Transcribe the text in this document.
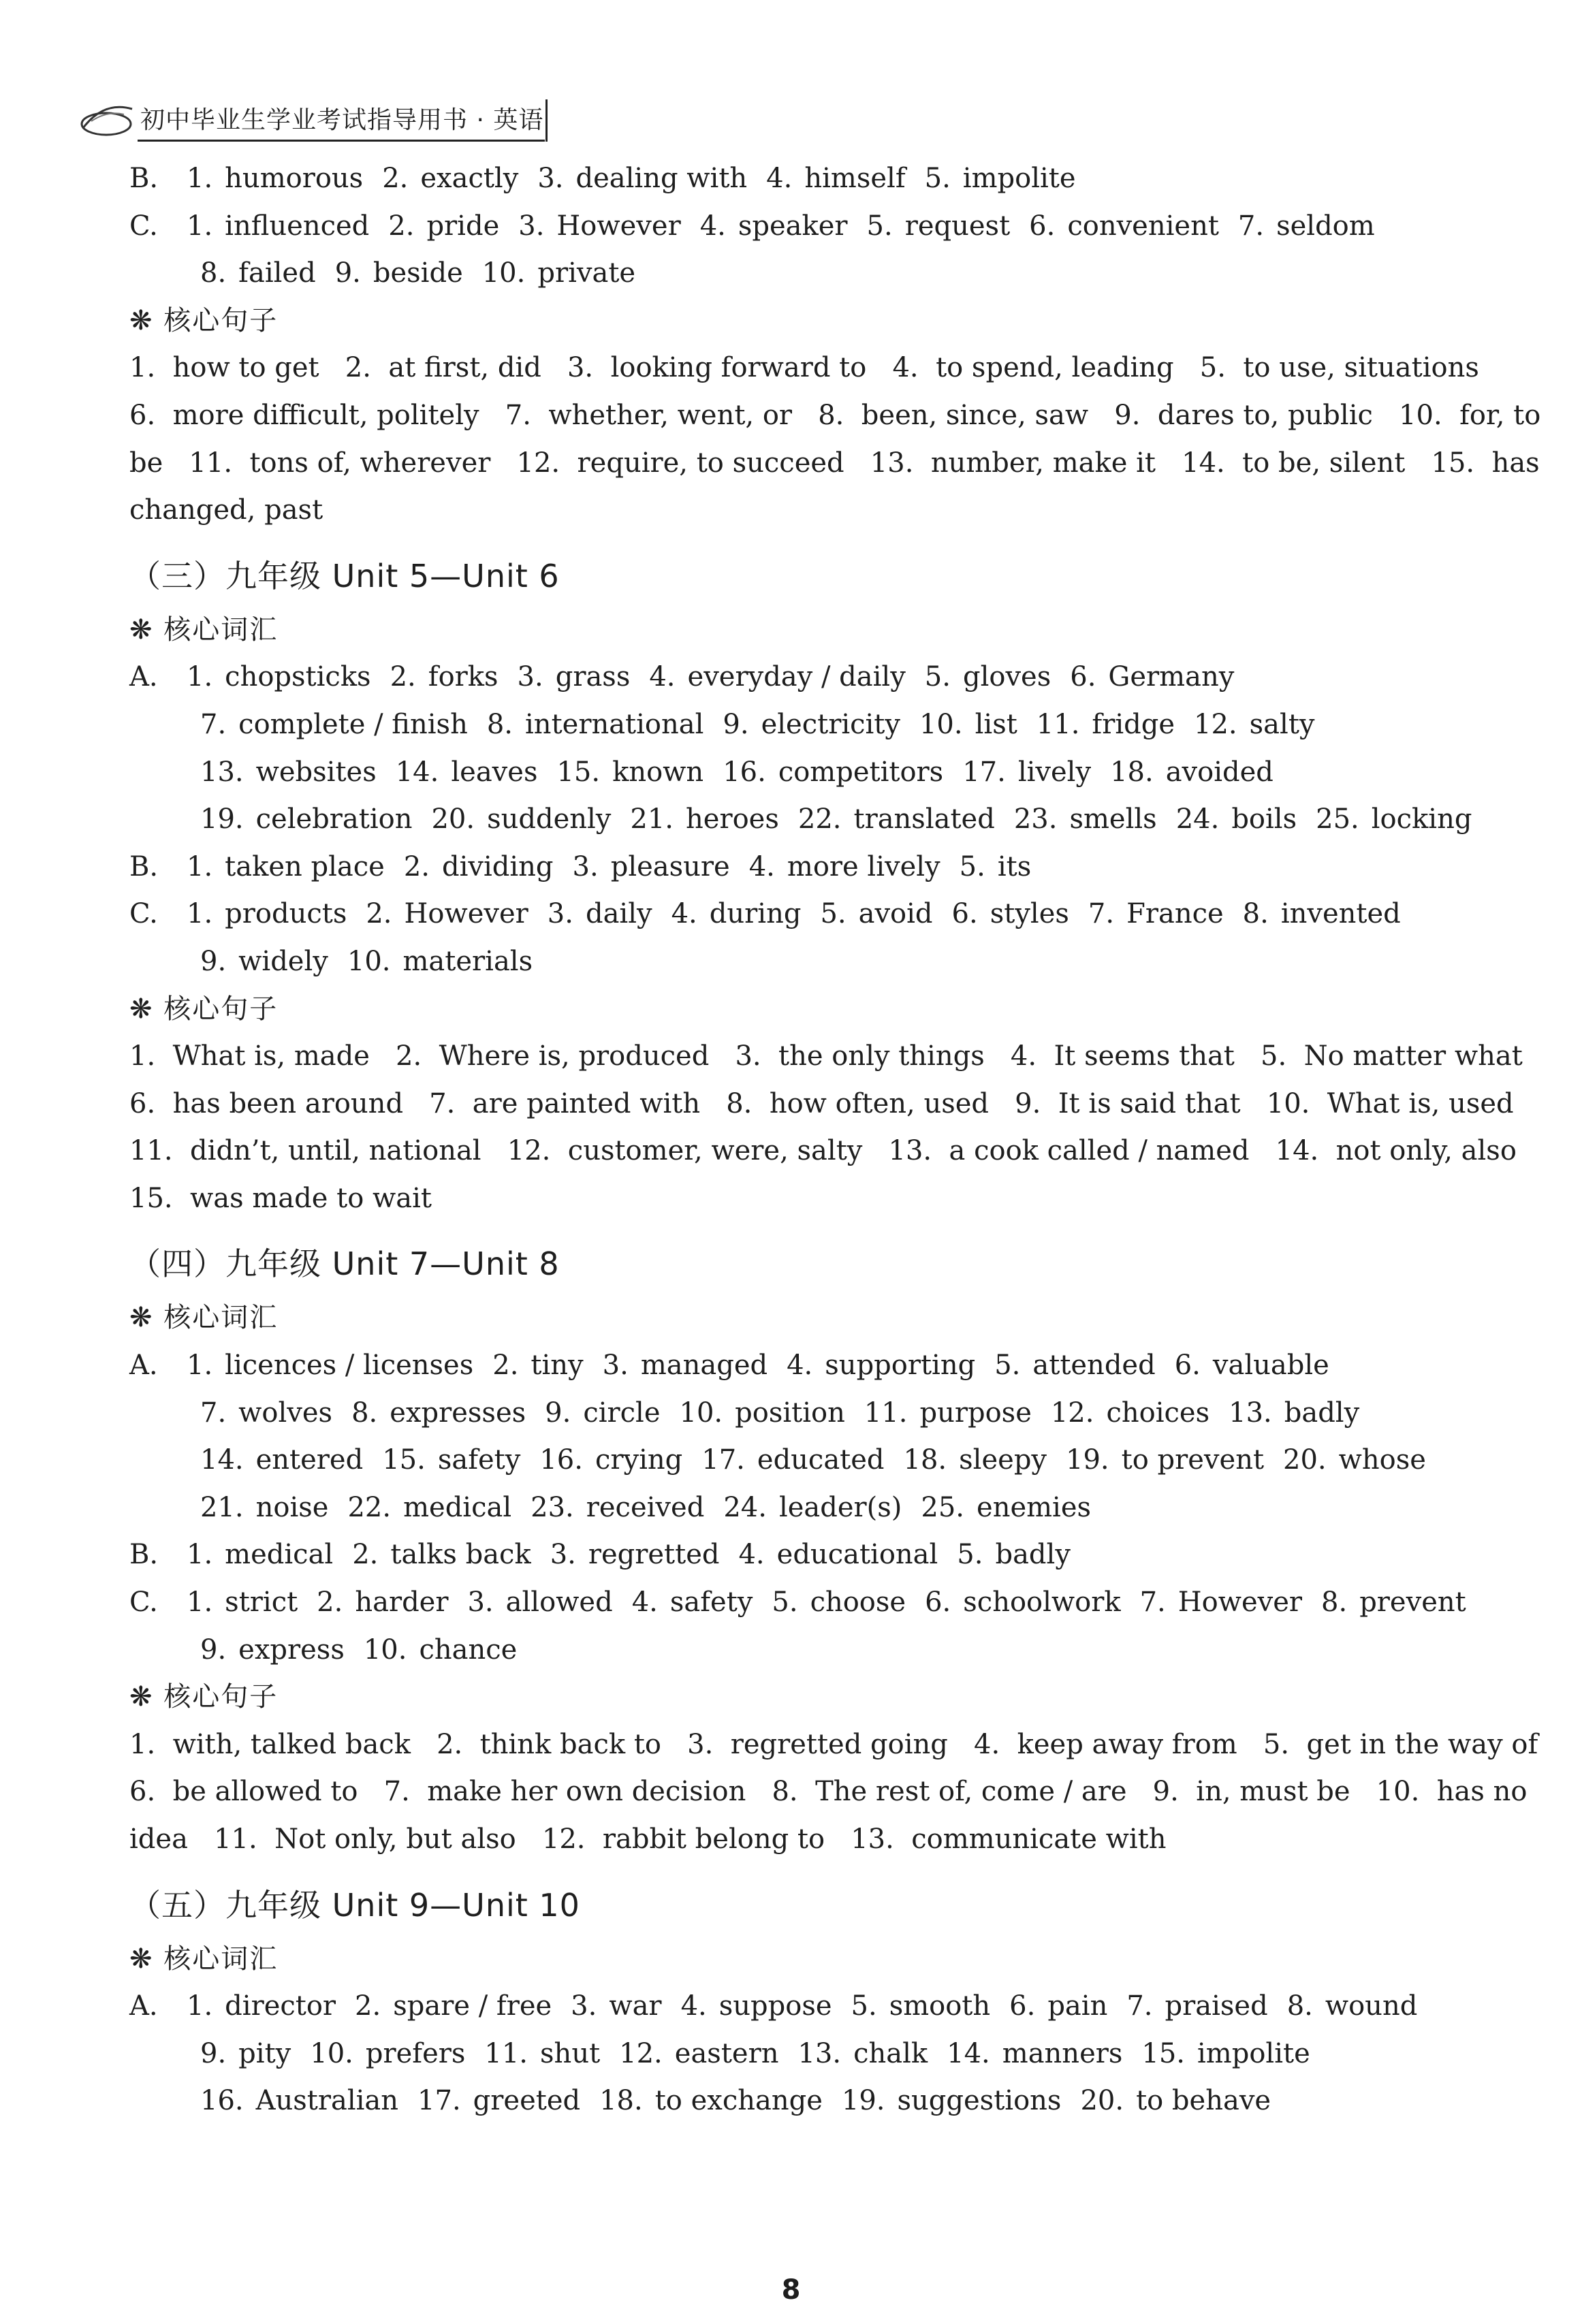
初中毕业生学业考试指导用书 · 英语
B. 1. humorous 2. exactly 3. dealing with 4. himself 5. impolite
C. 1. influenced 2. pride 3. However 4. speaker 5. request 6. convenient 7. seldom
8. failed 9. beside 10. private
❋ 核心句子
1.  how to get   2.  at first, did   3.  looking forward to   4.  to spend, leading   5.  to use, situations
6.  more difficult, politely   7.  whether, went, or   8.  been, since, saw   9.  dares to, public   10.  for, to
be   11.  tons of, wherever   12.  require, to succeed   13.  number, make it   14.  to be, silent   15.  has
changed, past
（三）九年级 Unit 5—Unit 6
❋ 核心词汇
A. 1. chopsticks 2. forks 3. grass 4. everyday / daily 5. gloves 6. Germany
7. complete / finish 8. international 9. electricity 10. list 11. fridge 12. salty
13. websites 14. leaves 15. known 16. competitors 17. lively 18. avoided
19. celebration 20. suddenly 21. heroes 22. translated 23. smells 24. boils 25. locking
B. 1. taken place 2. dividing 3. pleasure 4. more lively 5. its
C. 1. products 2. However 3. daily 4. during 5. avoid 6. styles 7. France 8. invented
9. widely 10. materials
❋ 核心句子
1.  What is, made   2.  Where is, produced   3.  the only things   4.  It seems that   5.  No matter what
6.  has been around   7.  are painted with   8.  how often, used   9.  It is said that   10.  What is, used
11.  didn’t, until, national   12.  customer, were, salty   13.  a cook called / named   14.  not only, also
15.  was made to wait
（四）九年级 Unit 7—Unit 8
❋ 核心词汇
A. 1. licences / licenses 2. tiny 3. managed 4. supporting 5. attended 6. valuable
7. wolves 8. expresses 9. circle 10. position 11. purpose 12. choices 13. badly
14. entered 15. safety 16. crying 17. educated 18. sleepy 19. to prevent 20. whose
21. noise 22. medical 23. received 24. leader(s) 25. enemies
B. 1. medical 2. talks back 3. regretted 4. educational 5. badly
C. 1. strict 2. harder 3. allowed 4. safety 5. choose 6. schoolwork 7. However 8. prevent
9. express 10. chance
❋ 核心句子
1.  with, talked back   2.  think back to   3.  regretted going   4.  keep away from   5.  get in the way of
6.  be allowed to   7.  make her own decision   8.  The rest of, come / are   9.  in, must be   10.  has no
idea   11.  Not only, but also   12.  rabbit belong to   13.  communicate with
（五）九年级 Unit 9—Unit 10
❋ 核心词汇
A. 1. director 2. spare / free 3. war 4. suppose 5. smooth 6. pain 7. praised 8. wound
9. pity 10. prefers 11. shut 12. eastern 13. chalk 14. manners 15. impolite
16. Australian 17. greeted 18. to exchange 19. suggestions 20. to behave
8
